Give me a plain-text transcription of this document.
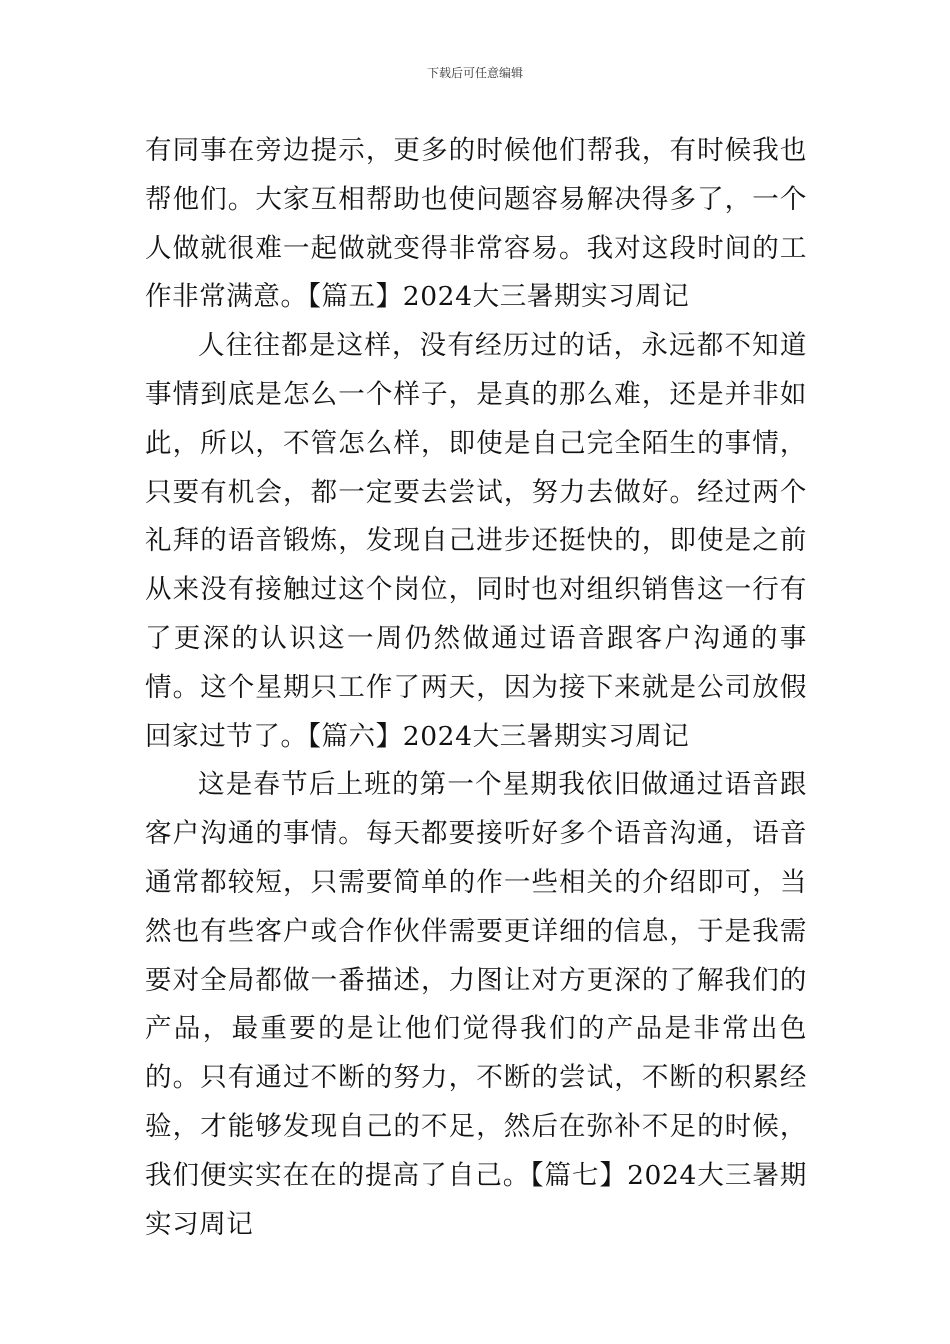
下载后可任意编辑

有同事在旁边提示，更多的时候他们帮我，有时候我也帮他们。大家互相帮助也使问题容易解决得多了，一个人做就很难一起做就变得非常容易。我对这段时间的工作非常满意。【篇五】2024大三暑期实习周记

人往往都是这样，没有经历过的话，永远都不知道事情到底是怎么一个样子，是真的那么难，还是并非如此，所以，不管怎么样，即使是自己完全陌生的事情，只要有机会，都一定要去尝试，努力去做好。经过两个礼拜的语音锻炼，发现自己进步还挺快的，即使是之前从来没有接触过这个岗位，同时也对组织销售这一行有了更深的认识这一周仍然做通过语音跟客户沟通的事情。这个星期只工作了两天，因为接下来就是公司放假回家过节了。【篇六】2024大三暑期实习周记

这是春节后上班的第一个星期我依旧做通过语音跟客户沟通的事情。每天都要接听好多个语音沟通，语音通常都较短，只需要简单的作一些相关的介绍即可，当然也有些客户或合作伙伴需要更详细的信息，于是我需要对全局都做一番描述，力图让对方更深的了解我们的产品，最重要的是让他们觉得我们的产品是非常出色的。只有通过不断的努力，不断的尝试，不断的积累经验，才能够发现自己的不足，然后在弥补不足的时候，我们便实实在在的提高了自己。【篇七】2024大三暑期实习周记
